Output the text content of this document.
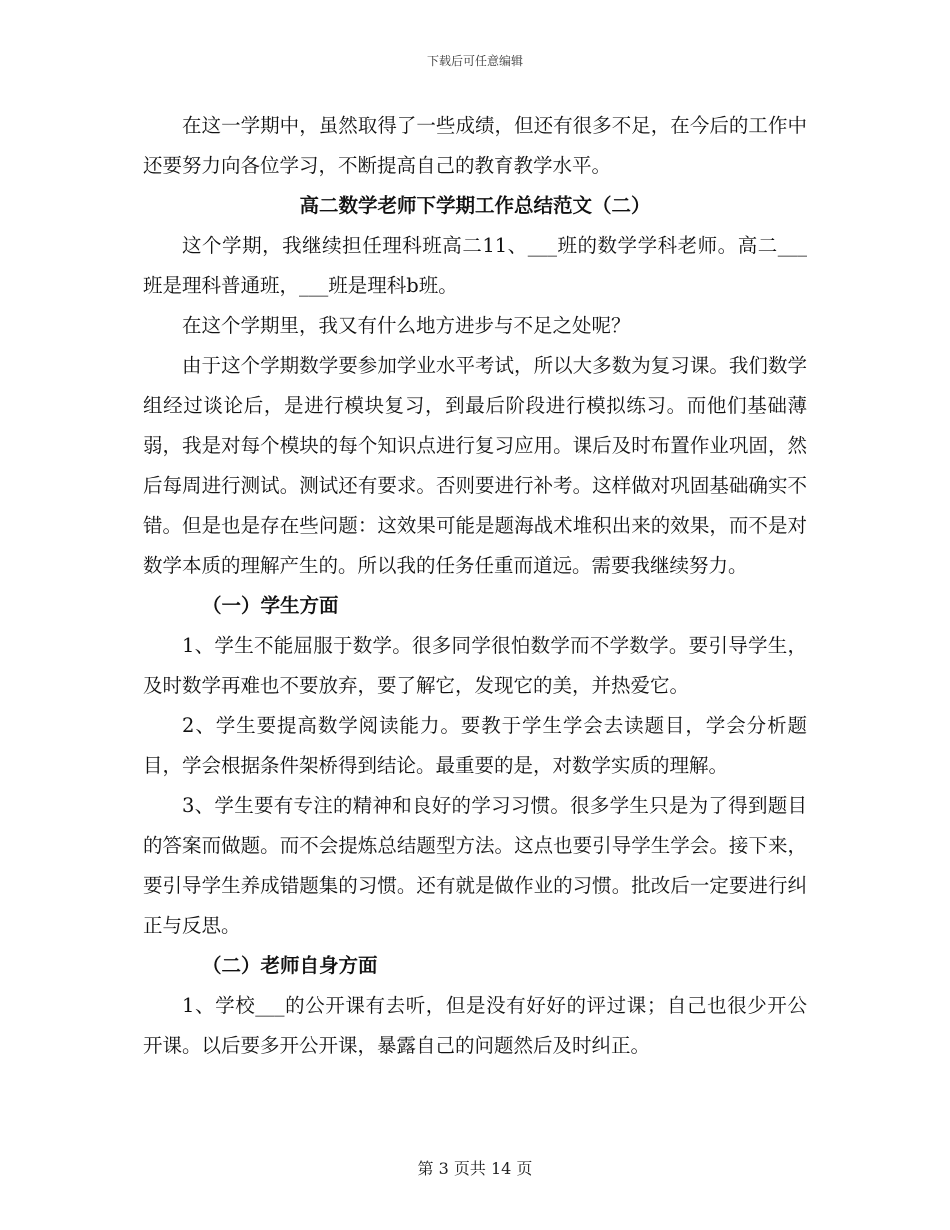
下载后可任意编辑

在这一学期中，虽然取得了一些成绩，但还有很多不足，在今后的工作中还要努力向各位学习，不断提高自己的教育教学水平。

高二数学老师下学期工作总结范文（二）

这个学期，我继续担任理科班高二11、___班的数学学科老师。高二___班是理科普通班，___班是理科b班。

在这个学期里，我又有什么地方进步与不足之处呢？

由于这个学期数学要参加学业水平考试，所以大多数为复习课。我们数学组经过谈论后，是进行模块复习，到最后阶段进行模拟练习。而他们基础薄弱，我是对每个模块的每个知识点进行复习应用。课后及时布置作业巩固，然后每周进行测试。测试还有要求。否则要进行补考。这样做对巩固基础确实不错。但是也是存在些问题：这效果可能是题海战术堆积出来的效果，而不是对数学本质的理解产生的。所以我的任务任重而道远。需要我继续努力。

（一）学生方面

1、学生不能屈服于数学。很多同学很怕数学而不学数学。要引导学生，及时数学再难也不要放弃，要了解它，发现它的美，并热爱它。

2、学生要提高数学阅读能力。要教于学生学会去读题目，学会分析题目，学会根据条件架桥得到结论。最重要的是，对数学实质的理解。

3、学生要有专注的精神和良好的学习习惯。很多学生只是为了得到题目的答案而做题。而不会提炼总结题型方法。这点也要引导学生学会。接下来，要引导学生养成错题集的习惯。还有就是做作业的习惯。批改后一定要进行纠正与反思。

（二）老师自身方面

1、学校___的公开课有去听，但是没有好好的评过课；自己也很少开公开课。以后要多开公开课，暴露自己的问题然后及时纠正。

第 3 页共 14 页
